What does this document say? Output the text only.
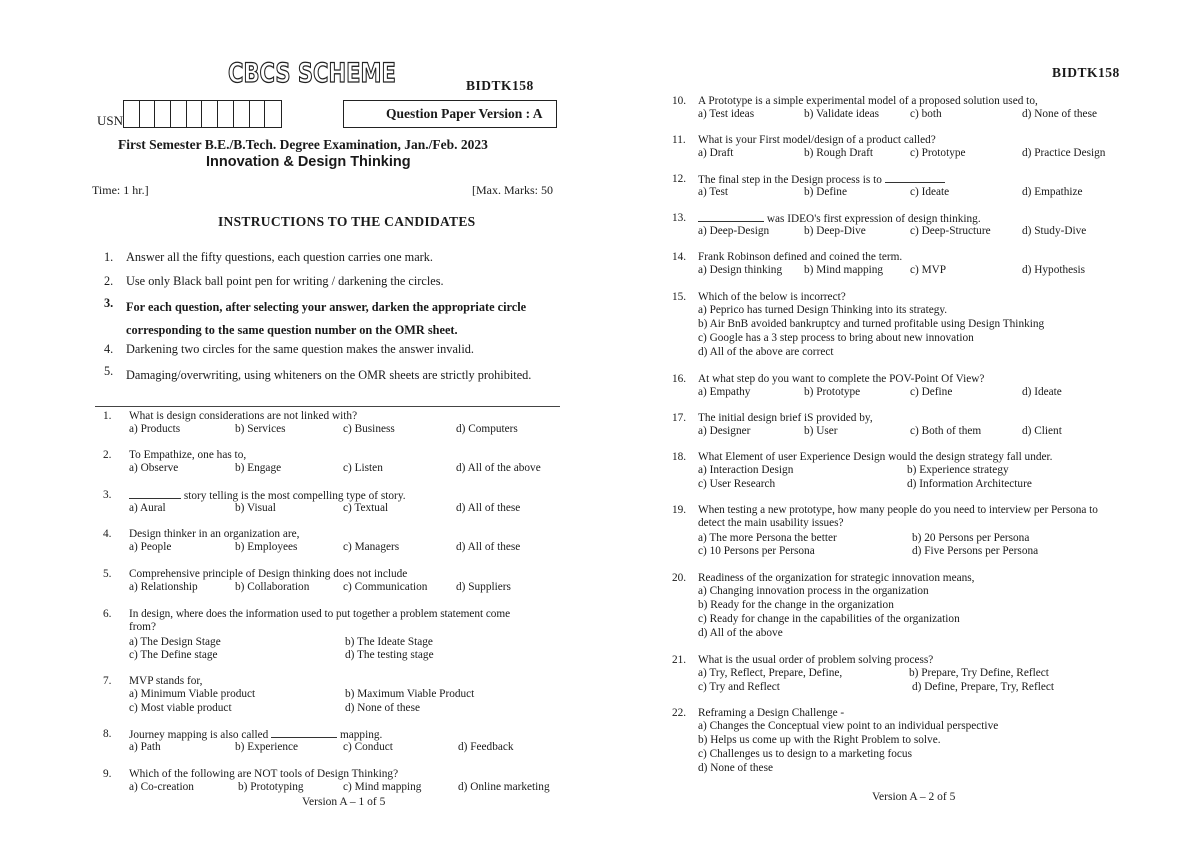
CBCS SCHEME	BIDTK158
USN	Question Paper Version : A
First Semester B.E./B.Tech. Degree Examination, Jan./Feb. 2023
Innovation & Design Thinking
Time: 1 hr.]	[Max. Marks: 50
INSTRUCTIONS TO THE CANDIDATES
1. Answer all the fifty questions, each question carries one mark.
2. Use only Black ball point pen for writing / darkening the circles.
3. For each question, after selecting your answer, darken the appropriate circle corresponding to the same question number on the OMR sheet.
4. Darkening two circles for the same question makes the answer invalid.
5. Damaging/overwriting, using whiteners on the OMR sheets are strictly prohibited.
1. What is design considerations are not linked with?
a) Products	b) Services	c) Business	d) Computers
2. To Empathize, one has to,
a) Observe	b) Engage	c) Listen	d) All of the above
3.	story telling is the most compelling type of story.
a) Aural	b) Visual	c) Textual	d) All of these
4. Design thinker in an organization are,
a) People	b) Employees	c) Managers	d) All of these
5. Comprehensive principle of Design thinking does not include
a) Relationship	b) Collaboration	c) Communication	d) Suppliers
6. In design, where does the information used to put together a problem statement come
from?
a) The Design Stage	b) The Ideate Stage
c) The Define stage	d) The testing stage
7. MVP stands for,
a) Minimum Viable product	b) Maximum Viable Product
c) Most viable product	d) None of these
8. Journey mapping is also called	mapping.
a) Path	b) Experience	c) Conduct	d) Feedback
9. Which of the following are NOT tools of Design Thinking?
a) Co-creation	b) Prototyping	c) Mind mapping	d) Online marketing
Version A – 1 of 5
BIDTK158
10. A Prototype is a simple experimental model of a proposed solution used to,
a) Test ideas	b) Validate ideas	c) both	d) None of these
11. What is your First model/design of a product called?
a) Draft	b) Rough Draft	c) Prototype	d) Practice Design
12. The final step in the Design process is to
a) Test	b) Define	c) Ideate	d) Empathize
13.	was IDEO's first expression of design thinking.
a) Deep-Design	b) Deep-Dive	c) Deep-Structure	d) Study-Dive
14. Frank Robinson defined and coined the term.
a) Design thinking b) Mind mapping c) MVP	d) Hypothesis
15. Which of the below is incorrect?
a) Peprico has turned Design Thinking into its strategy.
b) Air BnB avoided bankruptcy and turned profitable using Design Thinking
c) Google has a 3 step process to bring about new innovation
d) All of the above are correct
16. At what step do you want to complete the POV-Point Of View?
a) Empathy	b) Prototype	c) Define	d) Ideate
17. The initial design brief iS provided by,
a) Designer	b) User	c) Both of them	d) Client
18. What Element of user Experience Design would the design strategy fall under.
a) Interaction Design	b) Experience strategy
c) User Research	d) Information Architecture
19. When testing a new prototype, how many people do you need to interview per Persona to
detect the main usability issues?
a) The more Persona the better	b) 20 Persons per Persona
c) 10 Persons per Persona	d) Five Persons per Persona
20. Readiness of the organization for strategic innovation means,
a) Changing innovation process in the organization
b) Ready for the change in the organization
c) Ready for change in the capabilities of the organization
d) All of the above
21. What is the usual order of problem solving process?
a) Try, Reflect, Prepare, Define,	b) Prepare, Try Define, Reflect
c) Try and Reflect	d) Define, Prepare, Try, Reflect
22. Reframing a Design Challenge -
a) Changes the Conceptual view point to an individual perspective
b) Helps us come up with the Right Problem to solve.
c) Challenges us to design to a marketing focus
d) None of these
Version A – 2 of 5
